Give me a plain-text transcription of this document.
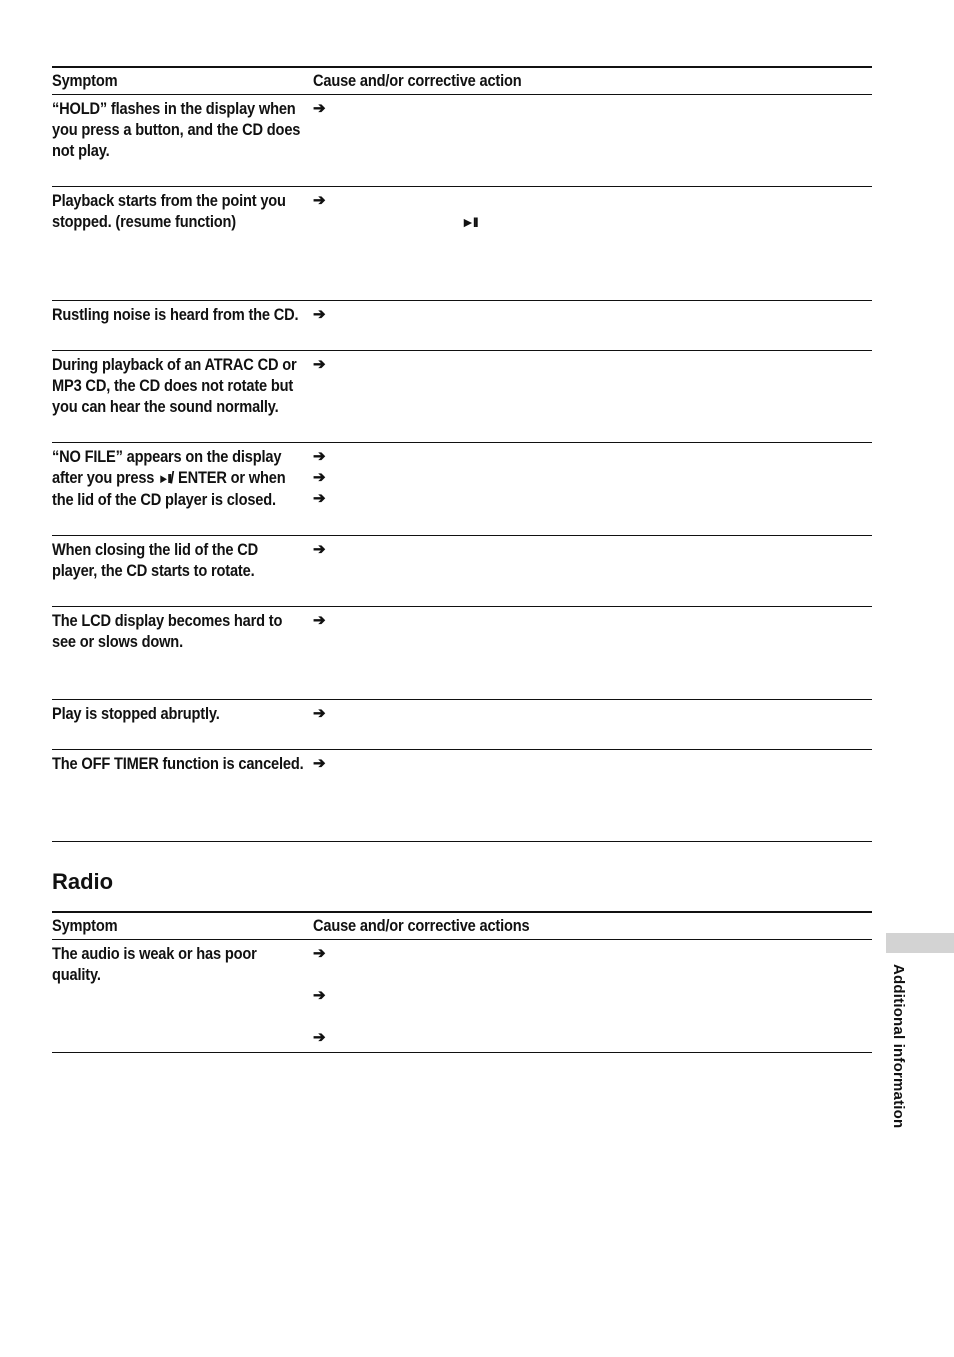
Symptom	Cause and/or corrective action
“HOLD” flashes in the display when you press a button, and the CD does not play.	➔

Playback starts from the point you stopped. (resume function)	➔
►II
Rustling noise is heard from the CD.	➔

During playback of an ATRAC CD or MP3 CD, the CD does not rotate but you can hear the sound normally.	➔

“NO FILE” appears on the display after you press ►II/ ENTER or when the lid of the CD player is closed.	➔
➔
➔

When closing the lid of the CD player, the CD starts to rotate.	➔

The LCD display becomes hard to see or slows down.	➔

Play is stopped abruptly.	➔

The OFF TIMER function is canceled.	➔
Radio
Symptom	Cause and/or corrective actions
The audio is weak or has poor quality.	➔
➔
➔	Additional information
